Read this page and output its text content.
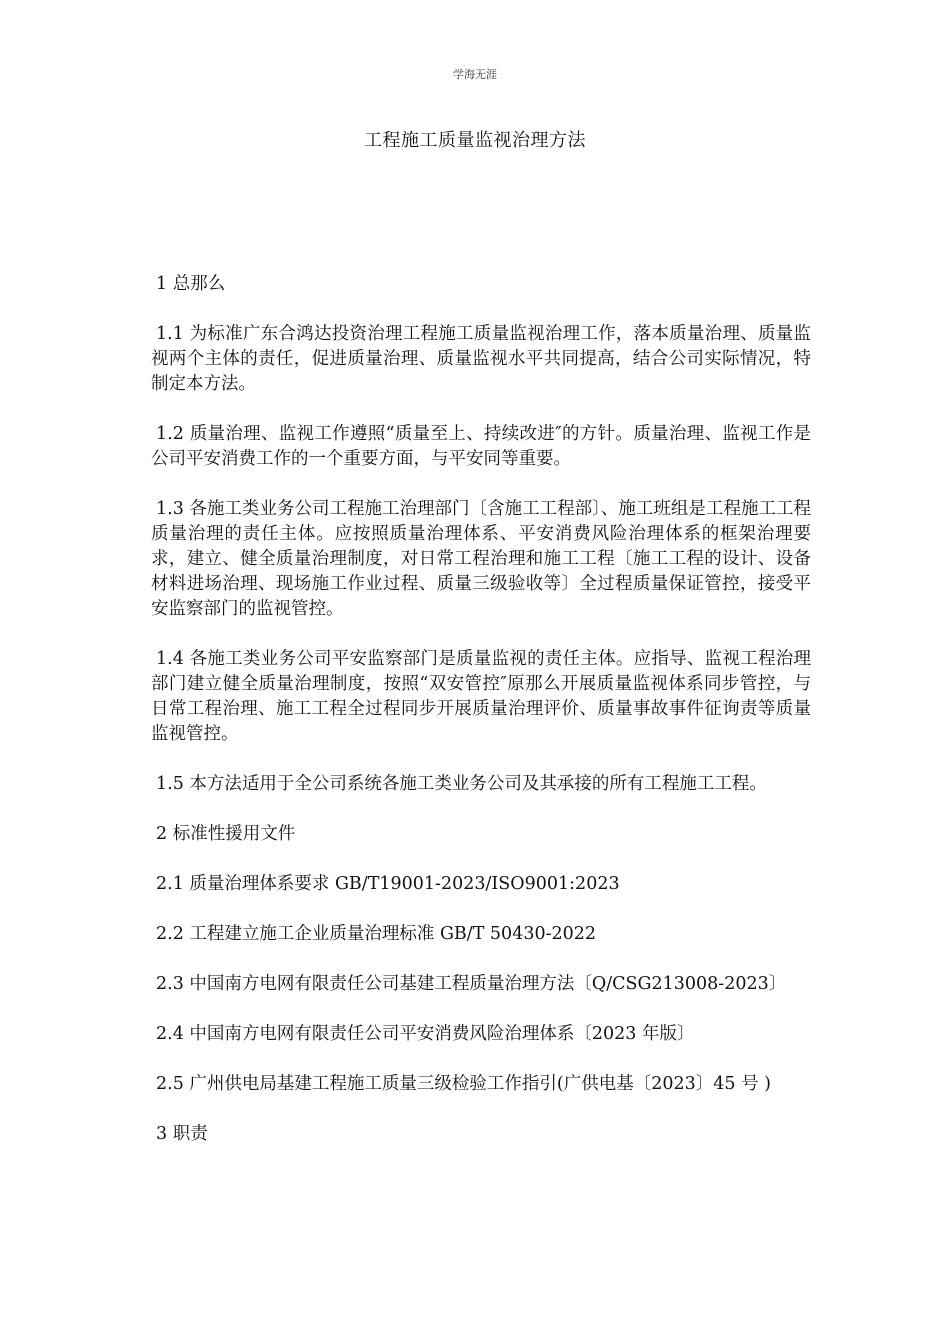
学海无涯
工程施工质量监视治理方法

1 总那么

1.1 为标准广东合鸿达投资治理工程施工质量监视治理工作，落本质量治理、质量监视两个主体的责任，促进质量治理、质量监视水平共同提高，结合公司实际情况，特制定本方法。

1.2 质量治理、监视工作遵照“质量至上、持续改进″的方针。质量治理、监视工作是公司平安消费工作的一个重要方面，与平安同等重要。

1.3 各施工类业务公司工程施工治理部门〔含施工工程部〕、施工班组是工程施工工程质量治理的责任主体。应按照质量治理体系、平安消费风险治理体系的框架治理要求，建立、健全质量治理制度，对日常工程治理和施工工程〔施工工程的设计、设备材料进场治理、现场施工作业过程、质量三级验收等〕全过程质量保证管控，接受平安监察部门的监视管控。

1.4 各施工类业务公司平安监察部门是质量监视的责任主体。应指导、监视工程治理部门建立健全质量治理制度，按照“双安管控″原那么开展质量监视体系同步管控，与日常工程治理、施工工程全过程同步开展质量治理评价、质量事故事件征询责等质量监视管控。

1.5 本方法适用于全公司系统各施工类业务公司及其承接的所有工程施工工程。

2 标准性援用文件

2.1 质量治理体系要求 GB/T19001-2023/ISO9001:2023

2.2 工程建立施工企业质量治理标准 GB/T 50430-2022

2.3 中国南方电网有限责任公司基建工程质量治理方法〔Q/CSG213008-2023〕

2.4 中国南方电网有限责任公司平安消费风险治理体系〔2023 年版〕

2.5 广州供电局基建工程施工质量三级检验工作指引(广供电基〔2023〕45 号 )

3 职责
